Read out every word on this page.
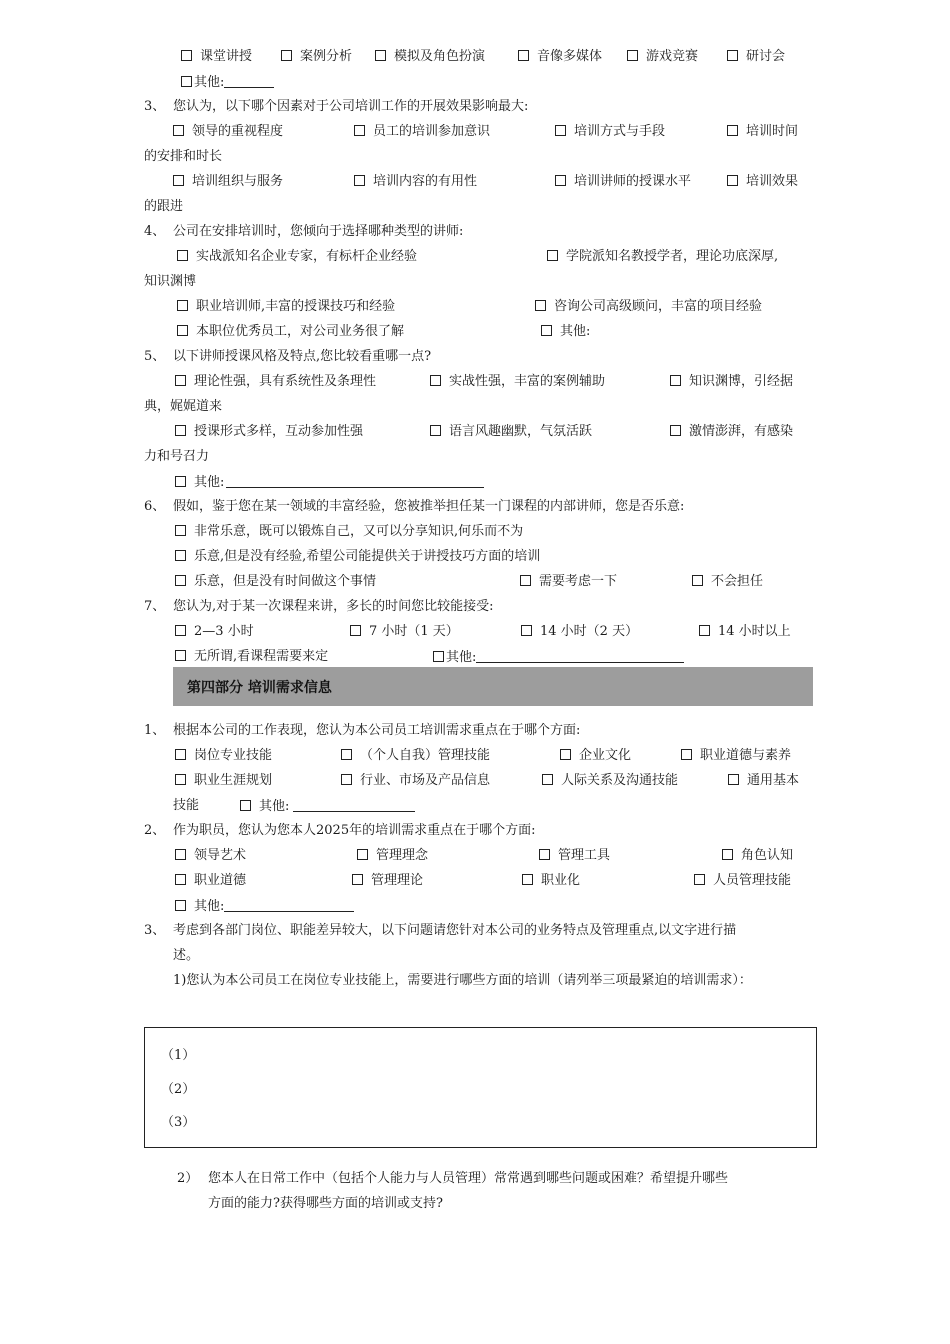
课堂讲授	案例分析	模拟及角色扮演	音像多媒体	游戏竞赛	研讨会
其他:
3、 您认为，以下哪个因素对于公司培训工作的开展效果影响最大:
领导的重视程度	员工的培训参加意识	培训方式与手段	培训时间
的安排和时长
培训组织与服务	培训内容的有用性	培训讲师的授课水平	培训效果
的跟进
4、 公司在安排培训时，您倾向于选择哪种类型的讲师:
实战派知名企业专家，有标杆企业经验	学院派知名教授学者，理论功底深厚,
知识渊博
职业培训师,丰富的授课技巧和经验	咨询公司高级顾问，丰富的项目经验
本职位优秀员工，对公司业务很了解	其他:
5、 以下讲师授课风格及特点,您比较看重哪一点?
理论性强，具有系统性及条理性	实战性强，丰富的案例辅助	知识渊博，引经据
典，娓娓道来
授课形式多样，互动参加性强	语言风趣幽默，气氛活跃	激情澎湃，有感染
力和号召力
其他:
6、 假如，鉴于您在某一领域的丰富经验，您被推举担任某一门课程的内部讲师，您是否乐意:
非常乐意，既可以锻炼自己，又可以分享知识,何乐而不为
乐意,但是没有经验,希望公司能提供关于讲授技巧方面的培训
乐意，但是没有时间做这个事情	需要考虑一下	不会担任
7、 您认为,对于某一次课程来讲，多长的时间您比较能接受:
2—3 小时	7 小时（1 天）	14 小时（2 天）	14 小时以上
无所谓,看课程需要来定	其他:
第四部分 培训需求信息
1、 根据本公司的工作表现，您认为本公司员工培训需求重点在于哪个方面:
岗位专业技能	（个人自我）管理技能	企业文化	职业道德与素养
职业生涯规划	行业、市场及产品信息	人际关系及沟通技能	通用基本
技能	其他:
2、 作为职员，您认为您本人2025年的培训需求重点在于哪个方面:
领导艺术	管理理念	管理工具	角色认知
职业道德	管理理论	职业化	人员管理技能
其他:
3、 考虑到各部门岗位、职能差异较大，以下问题请您针对本公司的业务特点及管理重点,以文字进行描
述。
1)您认为本公司员工在岗位专业技能上，需要进行哪些方面的培训（请列举三项最紧迫的培训需求）：
（1）
（2）
（3）
2） 您本人在日常工作中（包括个人能力与人员管理）常常遇到哪些问题或困难？希望提升哪些
方面的能力?获得哪些方面的培训或支持?
